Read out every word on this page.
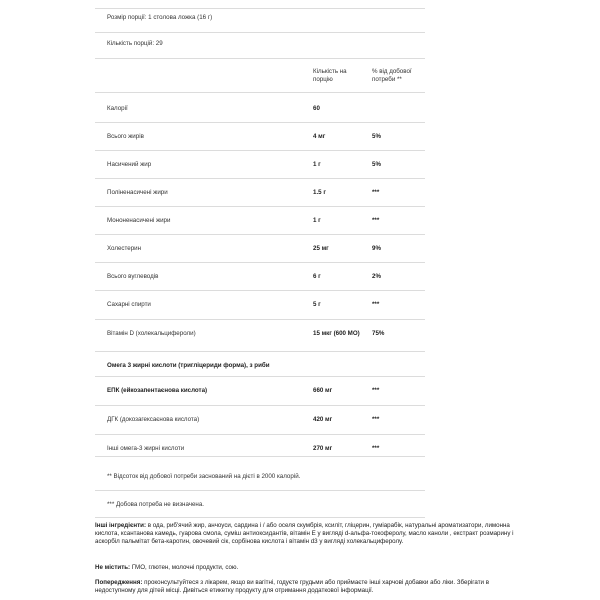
Розмір порції: 1 столова ложка (16 г)
Кількість порцій: 29
Кількість на
порцію
% від добової
потреби **
Калорії	60
Всього жирів	4 мг	5%
Насичений жир	1 г	5%
Поліненасичені жири	1.5 г	***
Мононенасичені жири	1 г	***
Холестерин	25 мг	9%
Всього вуглеводів	6 г	2%
Сахарні спирти	5 г	***
Вітамін D (холекальцифероли)	15 мкг (600 МО) 75%
Омега 3 жирні кислоти (тригліцериди форма), з риби
ЕПК (ейкозапентаєнова кислота)	660 мг	***
ДГК (докозагексаєнова кислота)	420 мг	***
Інші омега-3 жирні кислоти	270 мг	***
** Відсоток від добової потреби заснований на дієті в 2000 калорій.
*** Добова потреба не визначена.
Інші інгредієнти: в ода, риб'ячий жир, анчоуси, сардина і / або оселя скумбрія, ксиліт, гліцерин, гуміарабік, натуральні ароматизатори, лимонна кислота, ксантанова камедь, гуарова смола, суміш антиоксидантів, вітамін Е у вигляді d-альфа-токоферолу, масло каноли , екстракт розмарину і аскорбіл пальмітат бета-каротин, овочевий сік, сорбінова кислота і вітамін d3 у вигляді холекальциферолу.
Не містить: ГМО, глютен, молочні продукти, сою.
Попередження: проконсультуйтеся з лікарем, якщо ви вагітні, годуєте грудьми або приймаєте інші харчові добавки або ліки. Зберігати в недоступному для дітей місці. Дивіться етикетку продукту для отримання додаткової інформації.
